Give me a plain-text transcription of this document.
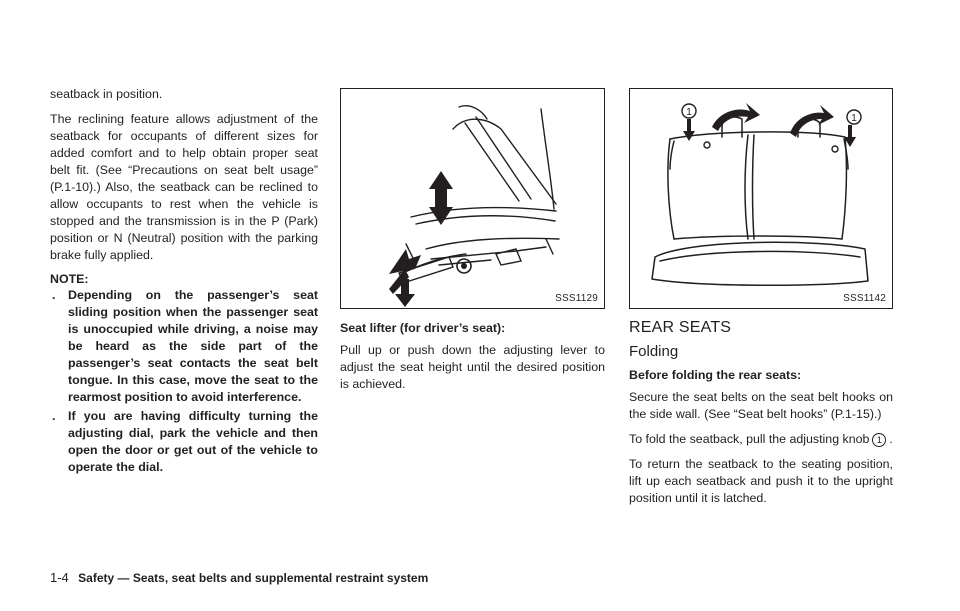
seatback in position.

The reclining feature allows adjustment of the seatback for occupants of different sizes for added comfort and to help obtain proper seat belt fit. (See “Precautions on seat belt usage” (P.1-10).) Also, the seatback can be reclined to allow occupants to rest when the vehicle is stopped and the transmission is in the P (Park) position or N (Neutral) position with the parking brake fully applied.

NOTE:
. Depending on the passenger’s seat sliding position when the passenger seat is unoccupied while driving, a noise may be heard as the side part of the passenger’s seat contacts the seat belt tongue. In this case, move the seat to the rearmost position to avoid interference.
. If you are having difficulty turning the adjusting dial, park the vehicle and then open the door or get out of the vehicle to operate the dial.
SSS1129
Seat lifter (for driver’s seat):

Pull up or push down the adjusting lever to adjust the seat height until the desired position is achieved.

1
1
SSS1142
REAR SEATS
Folding
Before folding the rear seats:

Secure the seat belts on the seat belt hooks on the side wall. (See “Seat belt hooks” (P.1-15).)

To fold the seatback, pull the adjusting knob 1 .

To return the seatback to the seating position, lift up each seatback and push it to the upright position until it is latched.

1-4 Safety — Seats, seat belts and supplemental restraint system
